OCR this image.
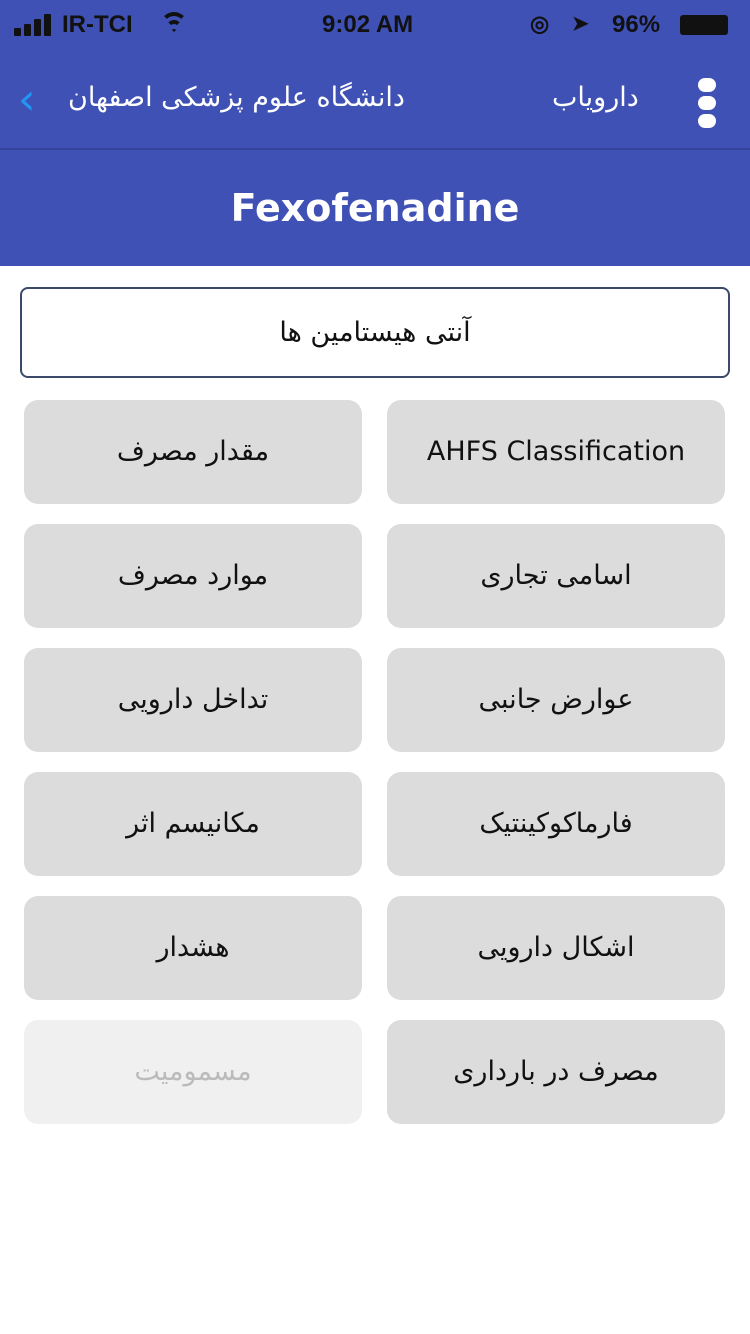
IR-TCI	9:02 AM	◎ ➤ 96%
‹ دانشگاه علوم پزشکی اصفهان	دارویاب
Fexofenadine
آنتی هیستامین ها
AHFS Classification
مقدار مصرف
اسامی تجاری
موارد مصرف
عوارض جانبی
تداخل دارویی
فارماکوکینتیک
مکانیسم اثر
اشکال دارویی
هشدار
مصرف در بارداری
مسمومیت
